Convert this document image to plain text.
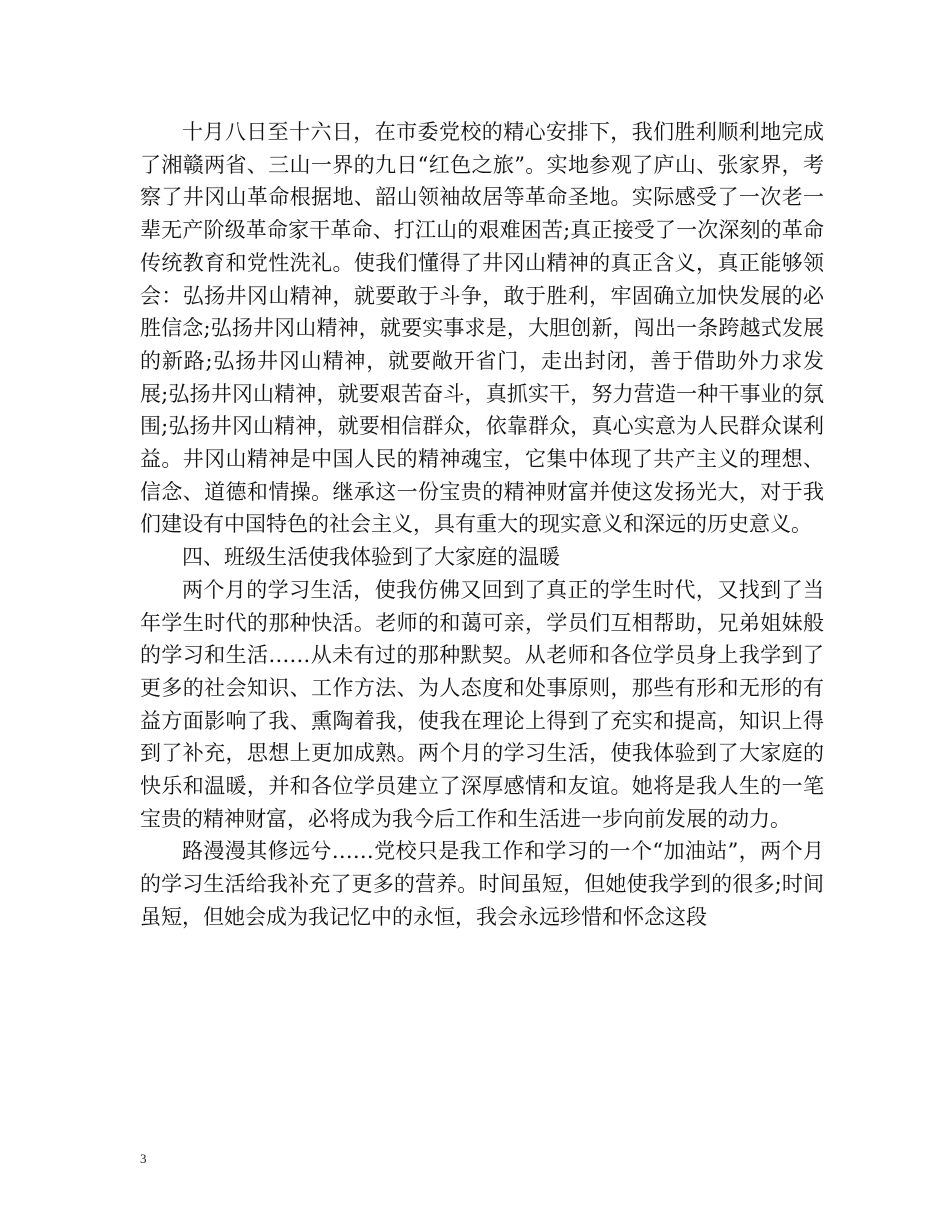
十月八日至十六日，在市委党校的精心安排下，我们胜利顺利地完成了湘赣两省、三山一界的九日“红色之旅”。实地参观了庐山、张家界，考察了井冈山革命根据地、韶山领袖故居等革命圣地。实际感受了一次老一辈无产阶级革命家干革命、打江山的艰难困苦;真正接受了一次深刻的革命传统教育和党性洗礼。使我们懂得了井冈山精神的真正含义，真正能够领会：弘扬井冈山精神，就要敢于斗争，敢于胜利，牢固确立加快发展的必胜信念;弘扬井冈山精神，就要实事求是，大胆创新，闯出一条跨越式发展的新路;弘扬井冈山精神，就要敞开省门，走出封闭，善于借助外力求发展;弘扬井冈山精神，就要艰苦奋斗，真抓实干，努力营造一种干事业的氛围;弘扬井冈山精神，就要相信群众，依靠群众，真心实意为人民群众谋利益。井冈山精神是中国人民的精神魂宝，它集中体现了共产主义的理想、信念、道德和情操。继承这一份宝贵的精神财富并使这发扬光大，对于我们建设有中国特色的社会主义，具有重大的现实意义和深远的历史意义。

四、班级生活使我体验到了大家庭的温暖

两个月的学习生活，使我仿佛又回到了真正的学生时代，又找到了当年学生时代的那种快活。老师的和蔼可亲，学员们互相帮助，兄弟姐妹般的学习和生活……从未有过的那种默契。从老师和各位学员身上我学到了更多的社会知识、工作方法、为人态度和处事原则，那些有形和无形的有益方面影响了我、熏陶着我，使我在理论上得到了充实和提高，知识上得到了补充，思想上更加成熟。两个月的学习生活，使我体验到了大家庭的快乐和温暖，并和各位学员建立了深厚感情和友谊。她将是我人生的一笔宝贵的精神财富，必将成为我今后工作和生活进一步向前发展的动力。

路漫漫其修远兮……党校只是我工作和学习的一个“加油站”，两个月的学习生活给我补充了更多的营养。时间虽短，但她使我学到的很多;时间虽短，但她会成为我记忆中的永恒，我会永远珍惜和怀念这段

3
